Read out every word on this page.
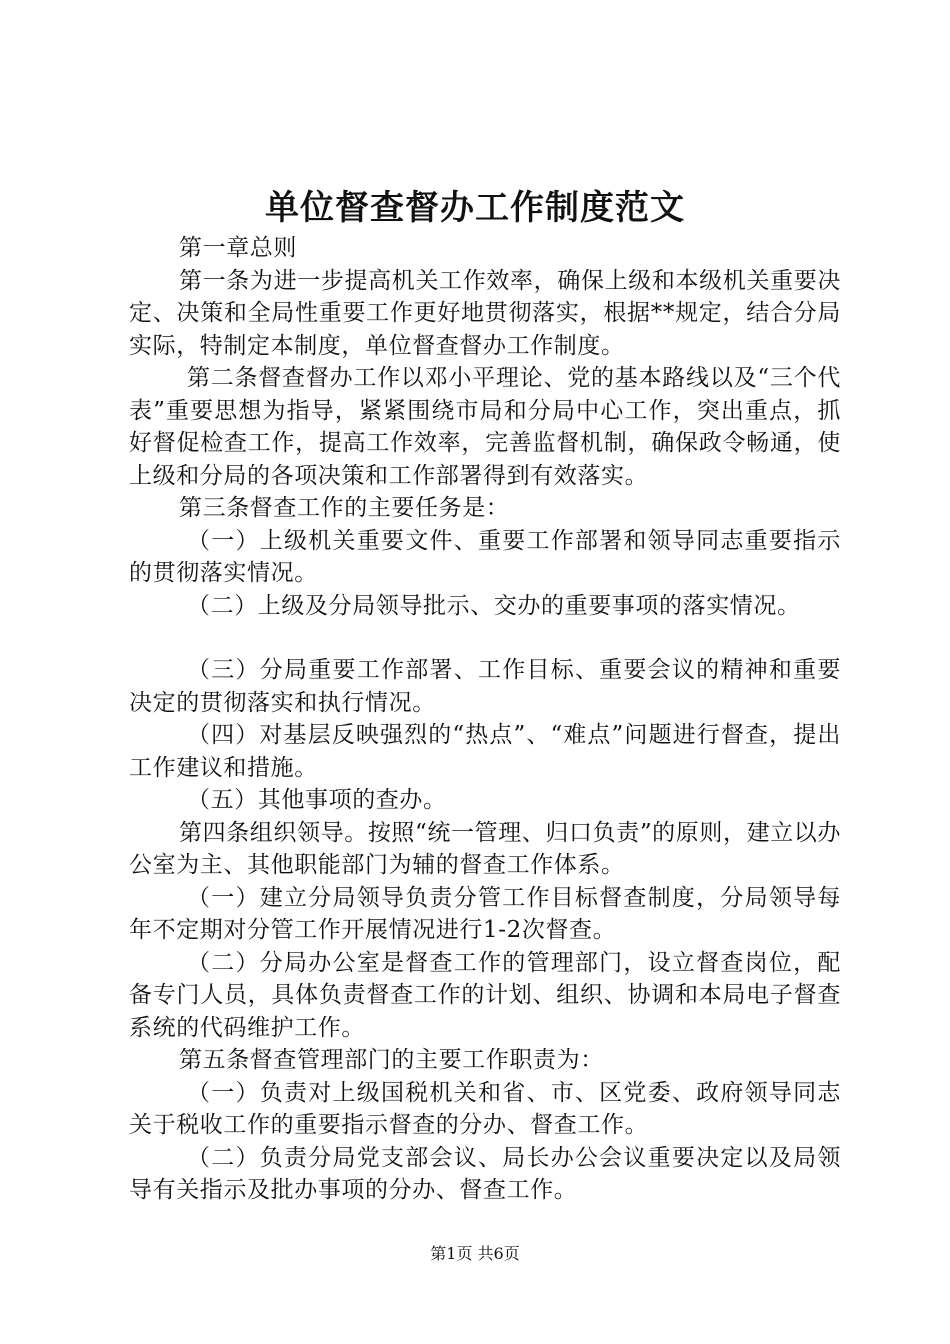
单位督查督办工作制度范文

第一章总则

第一条为进一步提高机关工作效率，确保上级和本级机关重要决定、决策和全局性重要工作更好地贯彻落实，根据**规定，结合分局实际，特制定本制度，单位督查督办工作制度。

第二条督查督办工作以邓小平理论、党的基本路线以及“三个代表”重要思想为指导，紧紧围绕市局和分局中心工作，突出重点，抓好督促检查工作，提高工作效率，完善监督机制，确保政令畅通，使上级和分局的各项决策和工作部署得到有效落实。

第三条督查工作的主要任务是：

（一）上级机关重要文件、重要工作部署和领导同志重要指示的贯彻落实情况。

（二）上级及分局领导批示、交办的重要事项的落实情况。

（三）分局重要工作部署、工作目标、重要会议的精神和重要决定的贯彻落实和执行情况。

（四）对基层反映强烈的“热点”、“难点”问题进行督查，提出工作建议和措施。

（五）其他事项的查办。

第四条组织领导。按照“统一管理、归口负责”的原则，建立以办公室为主、其他职能部门为辅的督查工作体系。

（一）建立分局领导负责分管工作目标督查制度，分局领导每年不定期对分管工作开展情况进行1-2次督查。

（二）分局办公室是督查工作的管理部门，设立督查岗位，配备专门人员，具体负责督查工作的计划、组织、协调和本局电子督查系统的代码维护工作。

第五条督查管理部门的主要工作职责为：

（一）负责对上级国税机关和省、市、区党委、政府领导同志关于税收工作的重要指示督查的分办、督查工作。

（二）负责分局党支部会议、局长办公会议重要决定以及局领导有关指示及批办事项的分办、督查工作。

第1页 共6页
